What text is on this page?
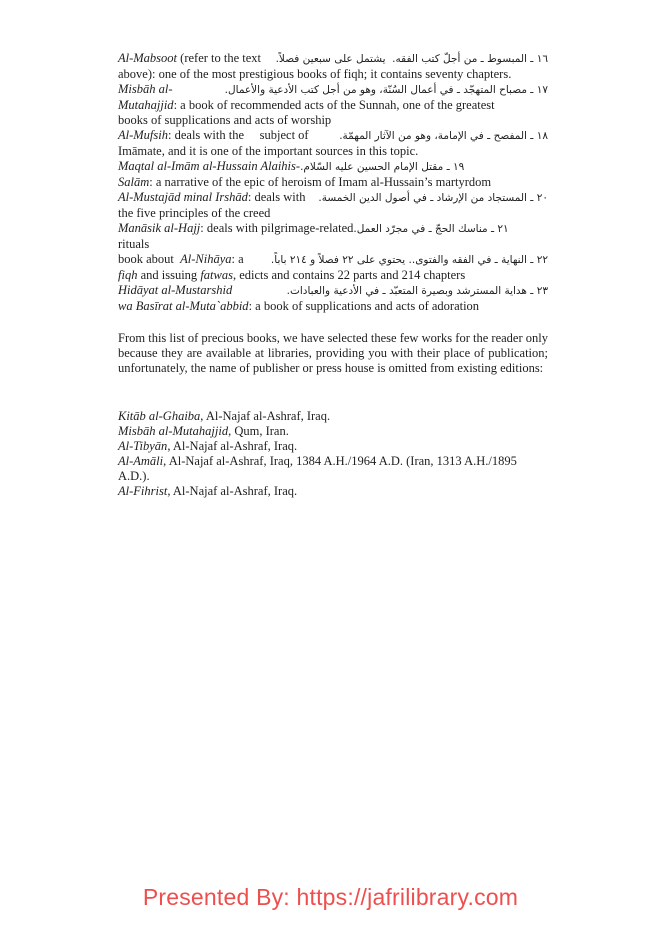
Al-Mabsoot (refer to the text ١٦ ـ المبسوط ـ من أجلّ كتب الفقه.  يشتمل على سبعين فصلاً.
above): one of the most prestigious books of fiqh; it contains seventy chapters.
Misbāh al-	١٧ ـ مصباح المتهجّد ـ في أعمال السُنّة، وهو من أجل كتب الأدعية والأعمال.
Mutahajjid: a book of recommended acts of the Sunnah, one of the greatest
books of supplications and acts of worship
Al-Mufsih: deals with the     subject of	١٨ ـ المفصح ـ في الإمامة، وهو من الآثار المهمّة.
Imāmate, and it is one of the important sources in this topic.
Maqtal al-Imām al-Hussain Alaihis- ١٩ ـ مقتل الإمام الحسين عليه السّلام.
Salām: a narrative of the epic of heroism of Imam al-Hussain’s martyrdom
Al-Mustajād minal Irshād: deals with ٢٠ ـ المستجاد من الإرشاد ـ في أصول الدين الخمسة.
the five principles of the creed
Manāsik al-Hajj: deals with pilgrimage-related ٢١ ـ مناسك الحجّ ـ في مجرّد العمل.
rituals
book about  Al-Nihāya: a	٢٢ ـ النهاية ـ في الفقه والفتوى.. يحتوي على ٢٢ فصلاً و ٢١٤ باباً.
fiqh and issuing fatwas, edicts and contains 22 parts and 214 chapters
Hidāyat al-Mustarshid	٢٣ ـ هداية المسترشد وبصيرة المتعبّد ـ في الأدعية والعبادات.
wa Basīrat al-Muta`abbid: a book of supplications and acts of adoration
From this list of precious books, we have selected these few works for the reader only because they are available at libraries, providing you with their place of publication; unfortunately, the name of publisher or press house is omitted from existing editions:
Kitāb al-Ghaiba, Al-Najaf al-Ashraf, Iraq.
Misbāh al-Mutahajjid, Qum, Iran.
Al-Tibyān, Al-Najaf al-Ashraf, Iraq.
Al-Amāli, Al-Najaf al-Ashraf, Iraq, 1384 A.H./1964 A.D. (Iran, 1313 A.H./1895 A.D.).
Al-Fihrist, Al-Najaf al-Ashraf, Iraq.
Presented By: https://jafrilibrary.com
